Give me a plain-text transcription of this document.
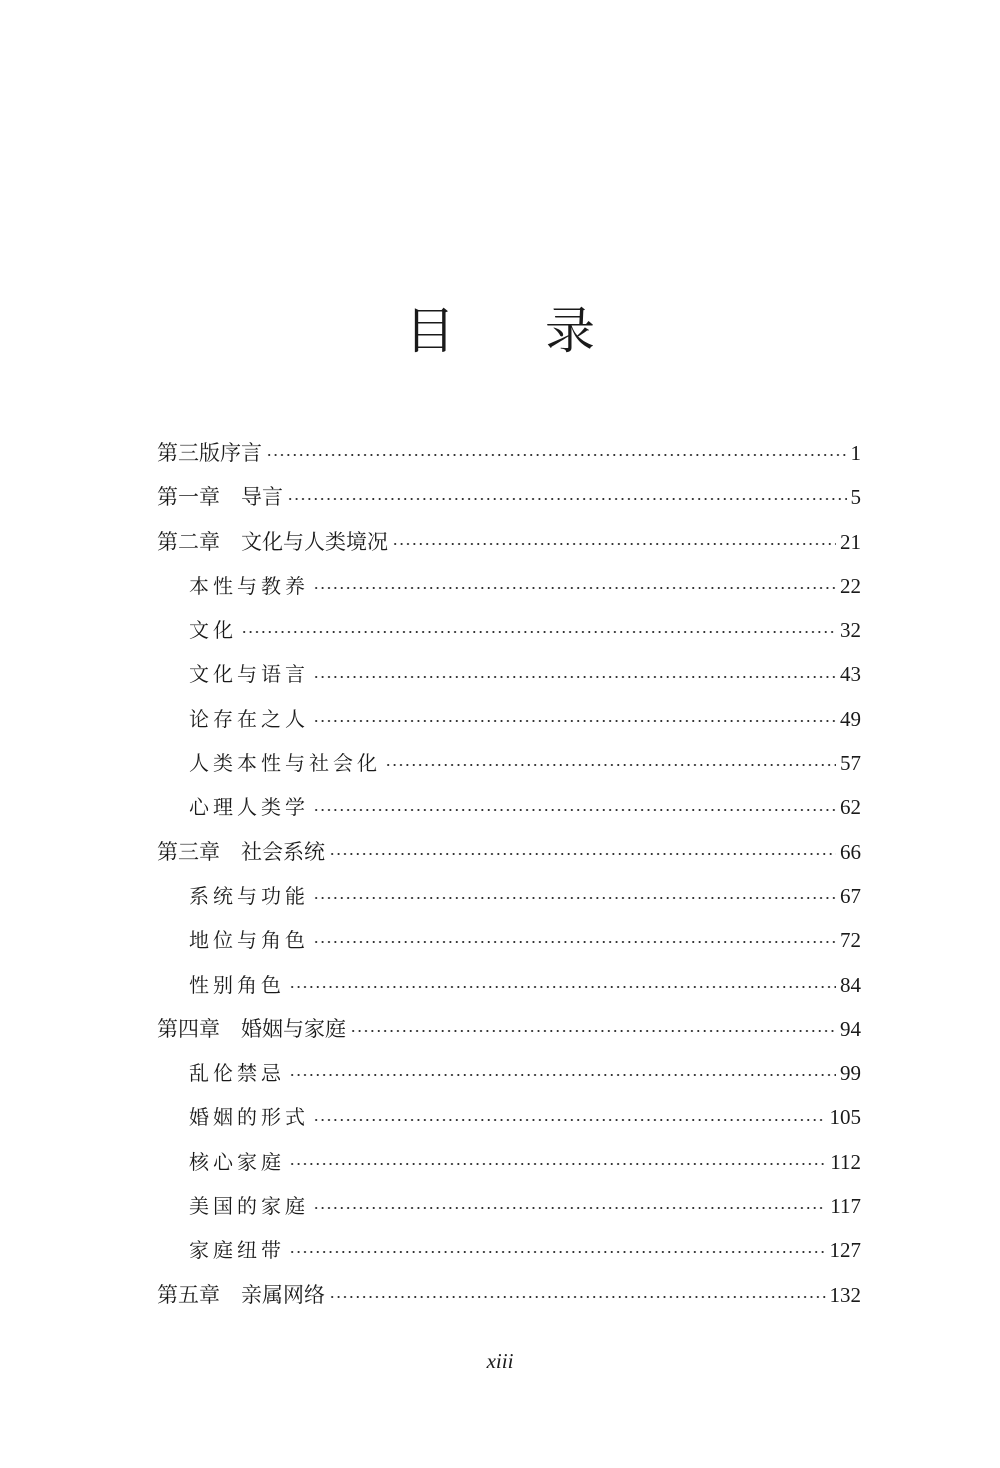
目 录
第三版序言	1
第一章　导言	5
第二章　文化与人类境况	21
本性与教养	22
文化	32
文化与语言	43
论存在之人	49
人类本性与社会化	57
心理人类学	62
第三章　社会系统	66
系统与功能	67
地位与角色	72
性别角色	84
第四章　婚姻与家庭	94
乱伦禁忌	99
婚姻的形式	105
核心家庭	112
美国的家庭	117
家庭纽带	127
第五章　亲属网络	132
xiii
